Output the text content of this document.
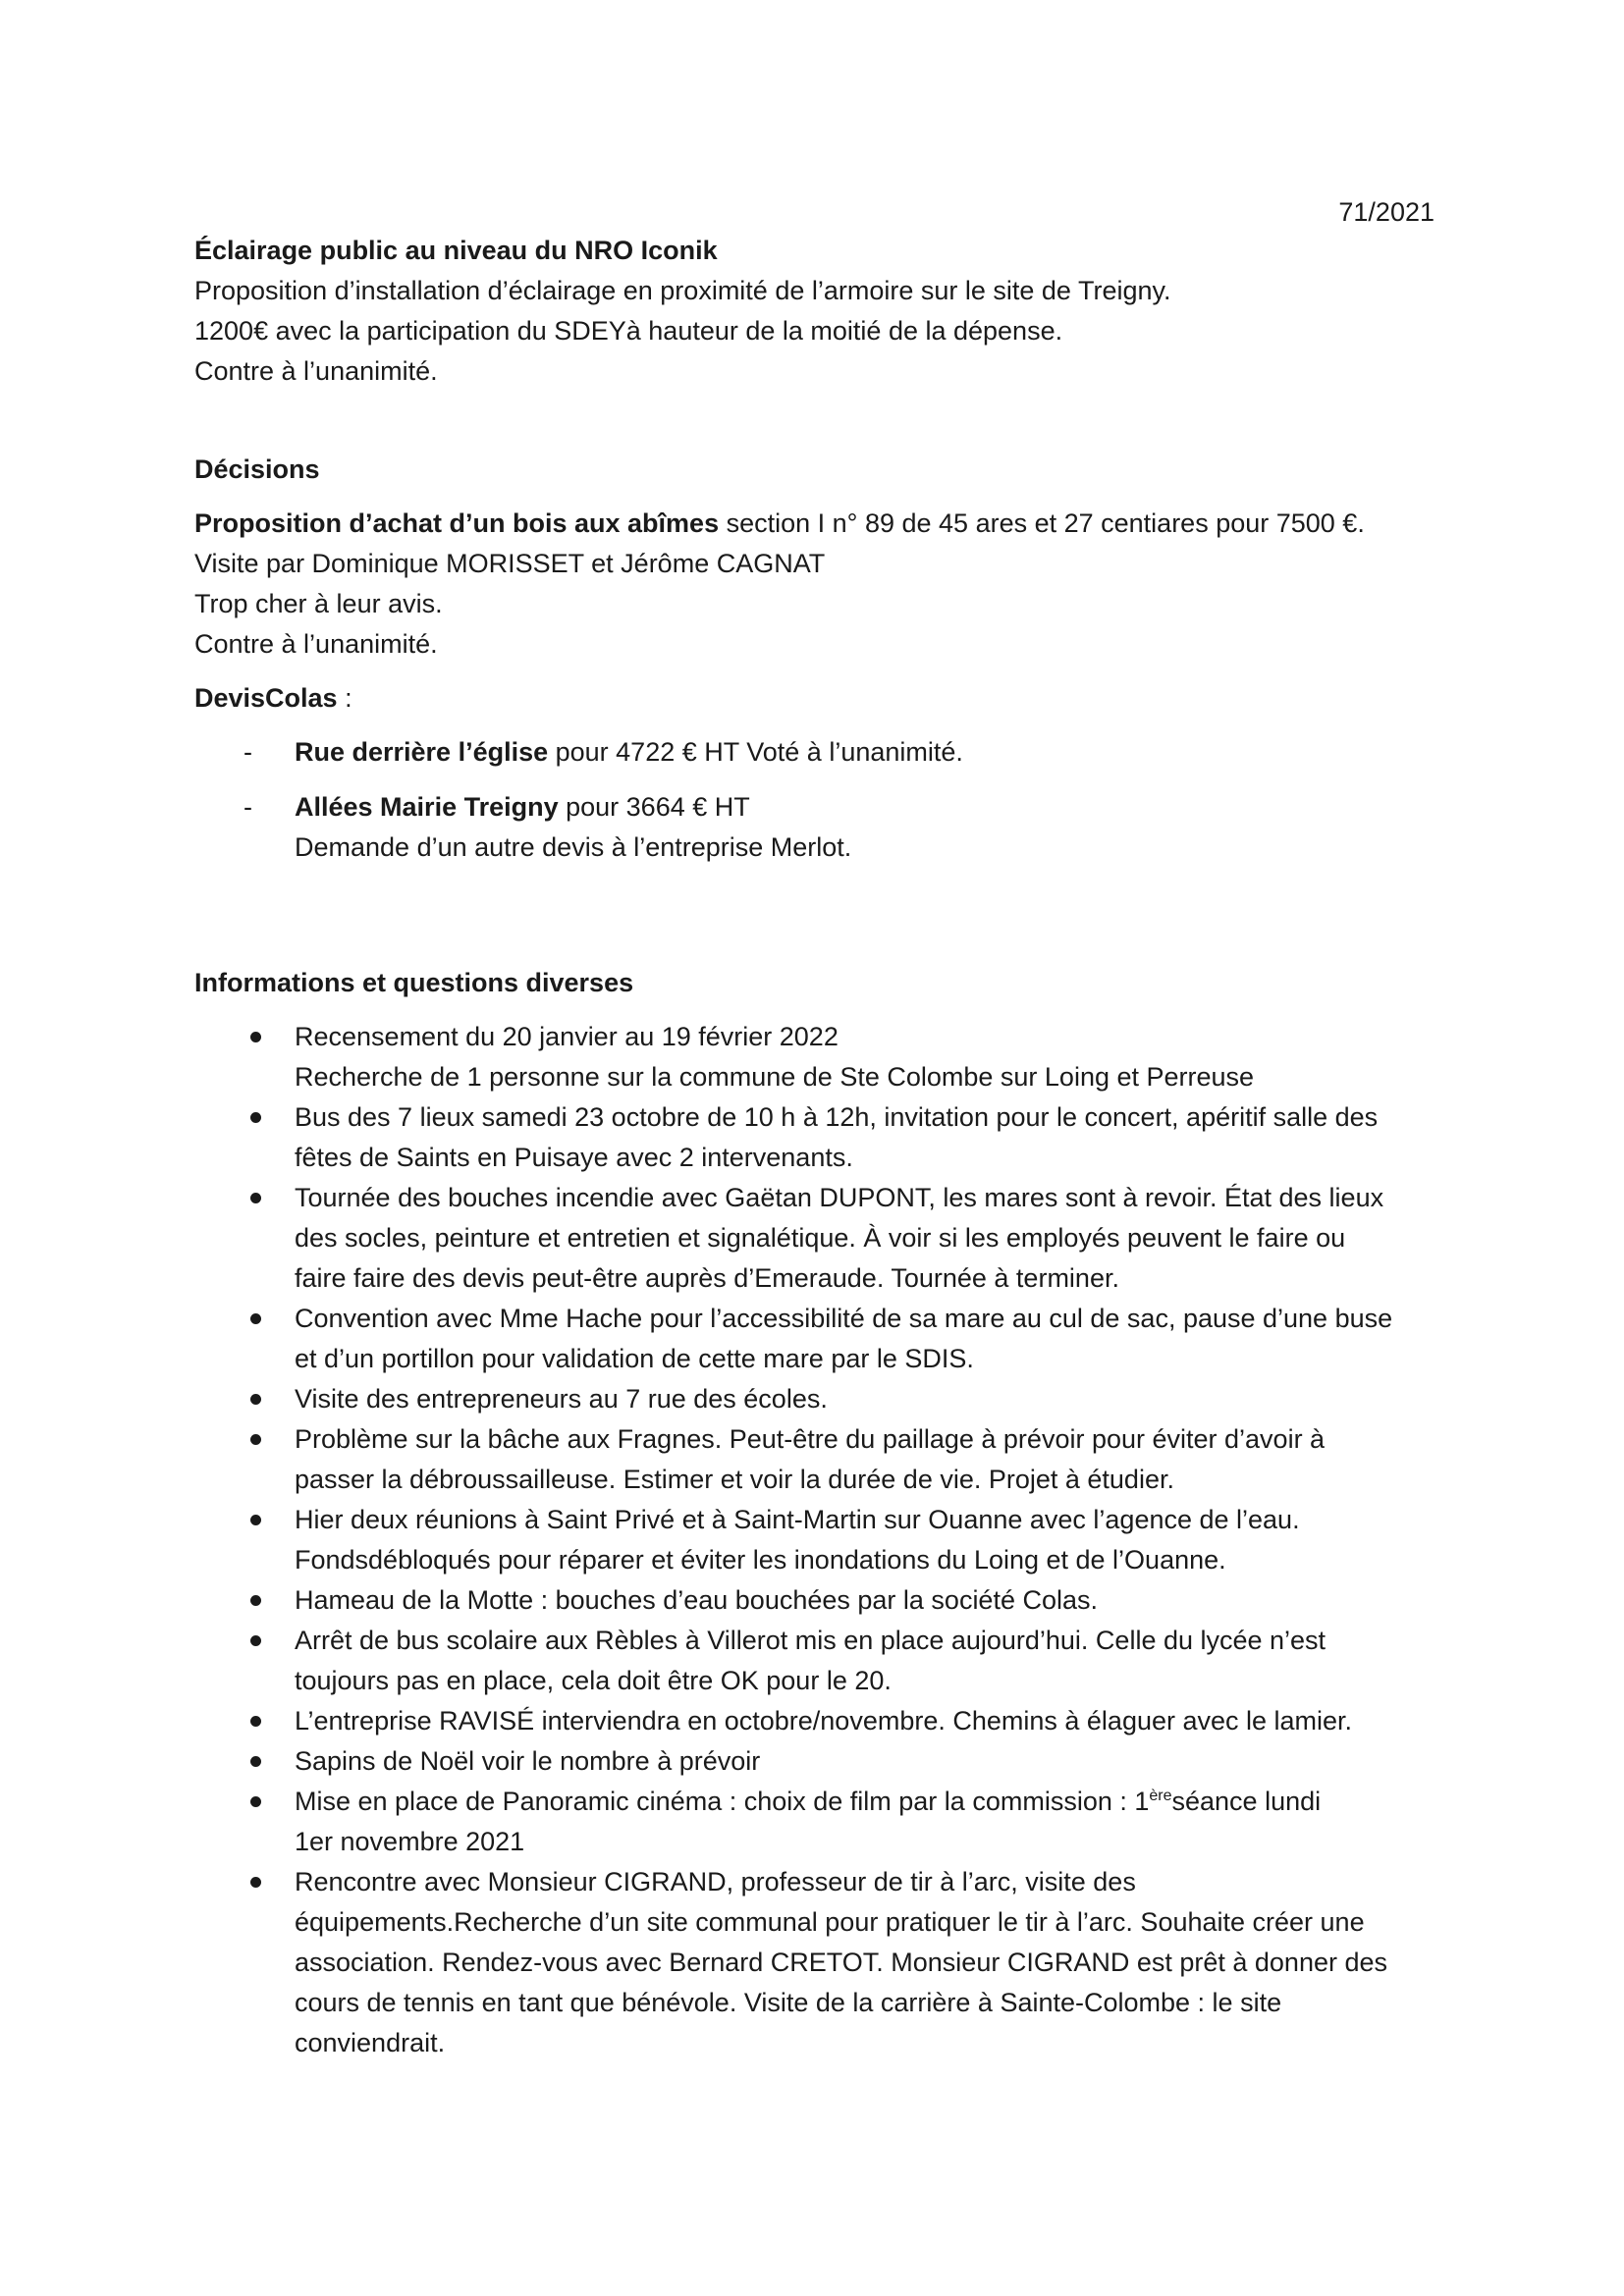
71/2021

Éclairage public au niveau du NRO Iconik

Proposition d’installation d’éclairage en proximité de l’armoire sur le site de Treigny.

1200€ avec la participation du SDEYà hauteur de la moitié de la dépense.

Contre à l’unanimité.

Décisions

Proposition d’achat d’un bois aux abîmes section I n° 89 de 45 ares et 27 centiares pour 7500 €.

Visite par Dominique MORISSET et Jérôme CAGNAT

Trop cher à leur avis.

Contre à l’unanimité.

DevisColas :

- Rue derrière l’église pour 4722 € HT Voté à l’unanimité.
- Allées Mairie Treigny pour 3664 € HT
Demande d’un autre devis à l’entreprise Merlot.

Informations et questions diverses

Recensement du 20 janvier au 19 février 2022
Recherche de 1 personne sur la commune de Ste Colombe sur Loing et Perreuse
Bus des 7 lieux samedi 23 octobre de 10 h à 12h, invitation pour le concert, apéritif salle des
fêtes de Saints en Puisaye avec 2 intervenants.
Tournée des bouches incendie avec Gaëtan DUPONT, les mares sont à revoir. État des lieux
des socles, peinture et entretien et signalétique. À voir si les employés peuvent le faire ou
faire faire des devis peut-être auprès d’Emeraude. Tournée à terminer.
Convention avec Mme Hache pour l’accessibilité de sa mare au cul de sac, pause d’une buse
et d’un portillon pour validation de cette mare par le SDIS.
Visite des entrepreneurs au 7 rue des écoles.
Problème sur la bâche aux Fragnes. Peut-être du paillage à prévoir pour éviter d’avoir à
passer la débroussailleuse. Estimer et voir la durée de vie. Projet à étudier.
Hier deux réunions à Saint Privé et à Saint-Martin sur Ouanne avec l’agence de l’eau.
Fondsdébloqués pour réparer et éviter les inondations du Loing et de l’Ouanne.
Hameau de la Motte : bouches d’eau bouchées par la société Colas.
Arrêt de bus scolaire aux Rèbles à Villerot mis en place aujourd’hui. Celle du lycée n’est
toujours pas en place, cela doit être OK pour le 20.
L’entreprise RAVISÉ interviendra en octobre/novembre. Chemins à élaguer avec le lamier.
Sapins de Noël voir le nombre à prévoir
Mise en place de Panoramic cinéma : choix de film par la commission : 1èreséance lundi
1er novembre 2021
Rencontre avec Monsieur CIGRAND, professeur de tir à l’arc, visite des
équipements.Recherche d’un site communal pour pratiquer le tir à l’arc. Souhaite créer une
association. Rendez-vous avec Bernard CRETOT. Monsieur CIGRAND est prêt à donner des
cours de tennis en tant que bénévole. Visite de la carrière à Sainte-Colombe : le site
conviendrait.
